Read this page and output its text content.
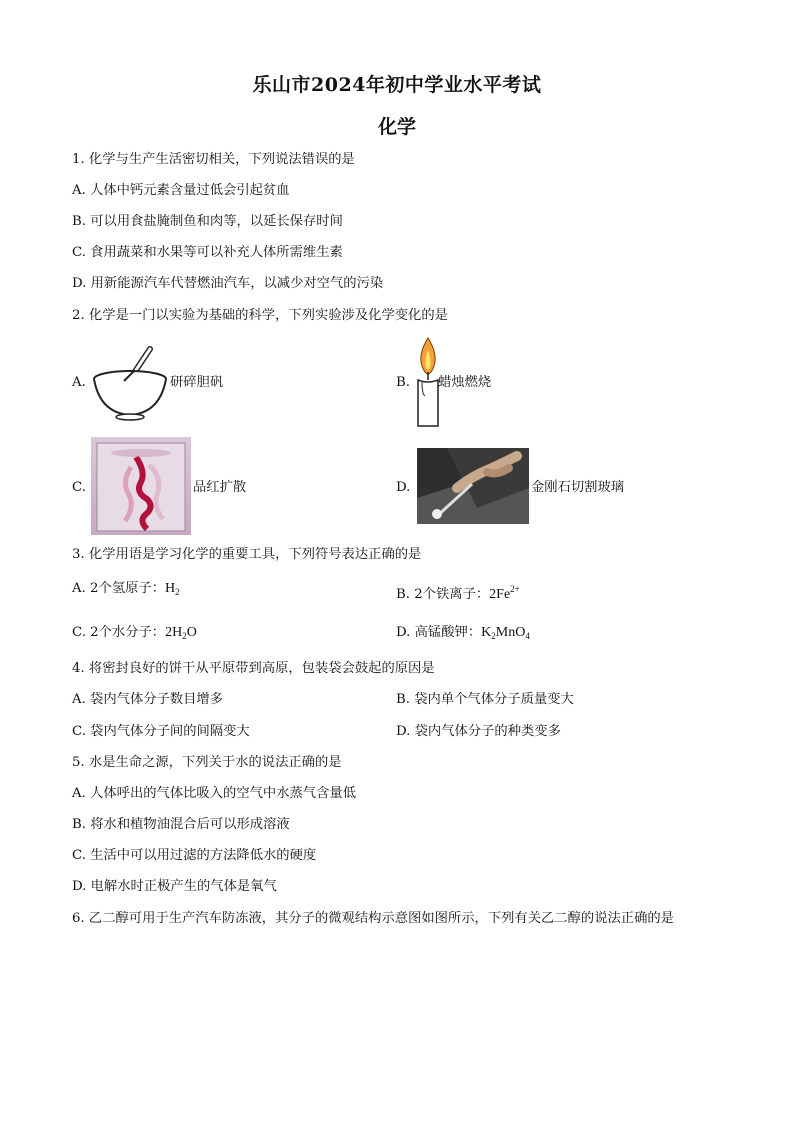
乐山市2024年初中学业水平考试
化学
1. 化学与生产生活密切相关，下列说法错误的是
A. 人体中钙元素含量过低会引起贫血
B. 可以用食盐腌制鱼和肉等，以延长保存时间
C. 食用蔬菜和水果等可以补充人体所需维生素
D. 用新能源汽车代替燃油汽车，以减少对空气的污染
2. 化学是一门以实验为基础的科学，下列实验涉及化学变化的是
A.	研碎胆矾	B. 蜡烛燃烧
C.	品红扩散	D.	金刚石切割玻璃
3. 化学用语是学习化学的重要工具，下列符号表达正确的是
A. 2个氢原子：$H_2$	B. 2个铁离子：$2Fe^{2+}$
C. 2个水分子：$2H_2O$	D. 高锰酸钾：$K_2MnO_4$
4. 将密封良好的饼干从平原带到高原，包装袋会鼓起的原因是
A. 袋内气体分子数目增多	B. 袋内单个气体分子质量变大
C. 袋内气体分子间的间隔变大	D. 袋内气体分子的种类变多
5. 水是生命之源，下列关于水的说法正确的是
A. 人体呼出的气体比吸入的空气中水蒸气含量低
B. 将水和植物油混合后可以形成溶液
C. 生活中可以用过滤的方法降低水的硬度
D. 电解水时正极产生的气体是氧气
6. 乙二醇可用于生产汽车防冻液，其分子的微观结构示意图如图所示，下列有关乙二醇的说法正确的是
